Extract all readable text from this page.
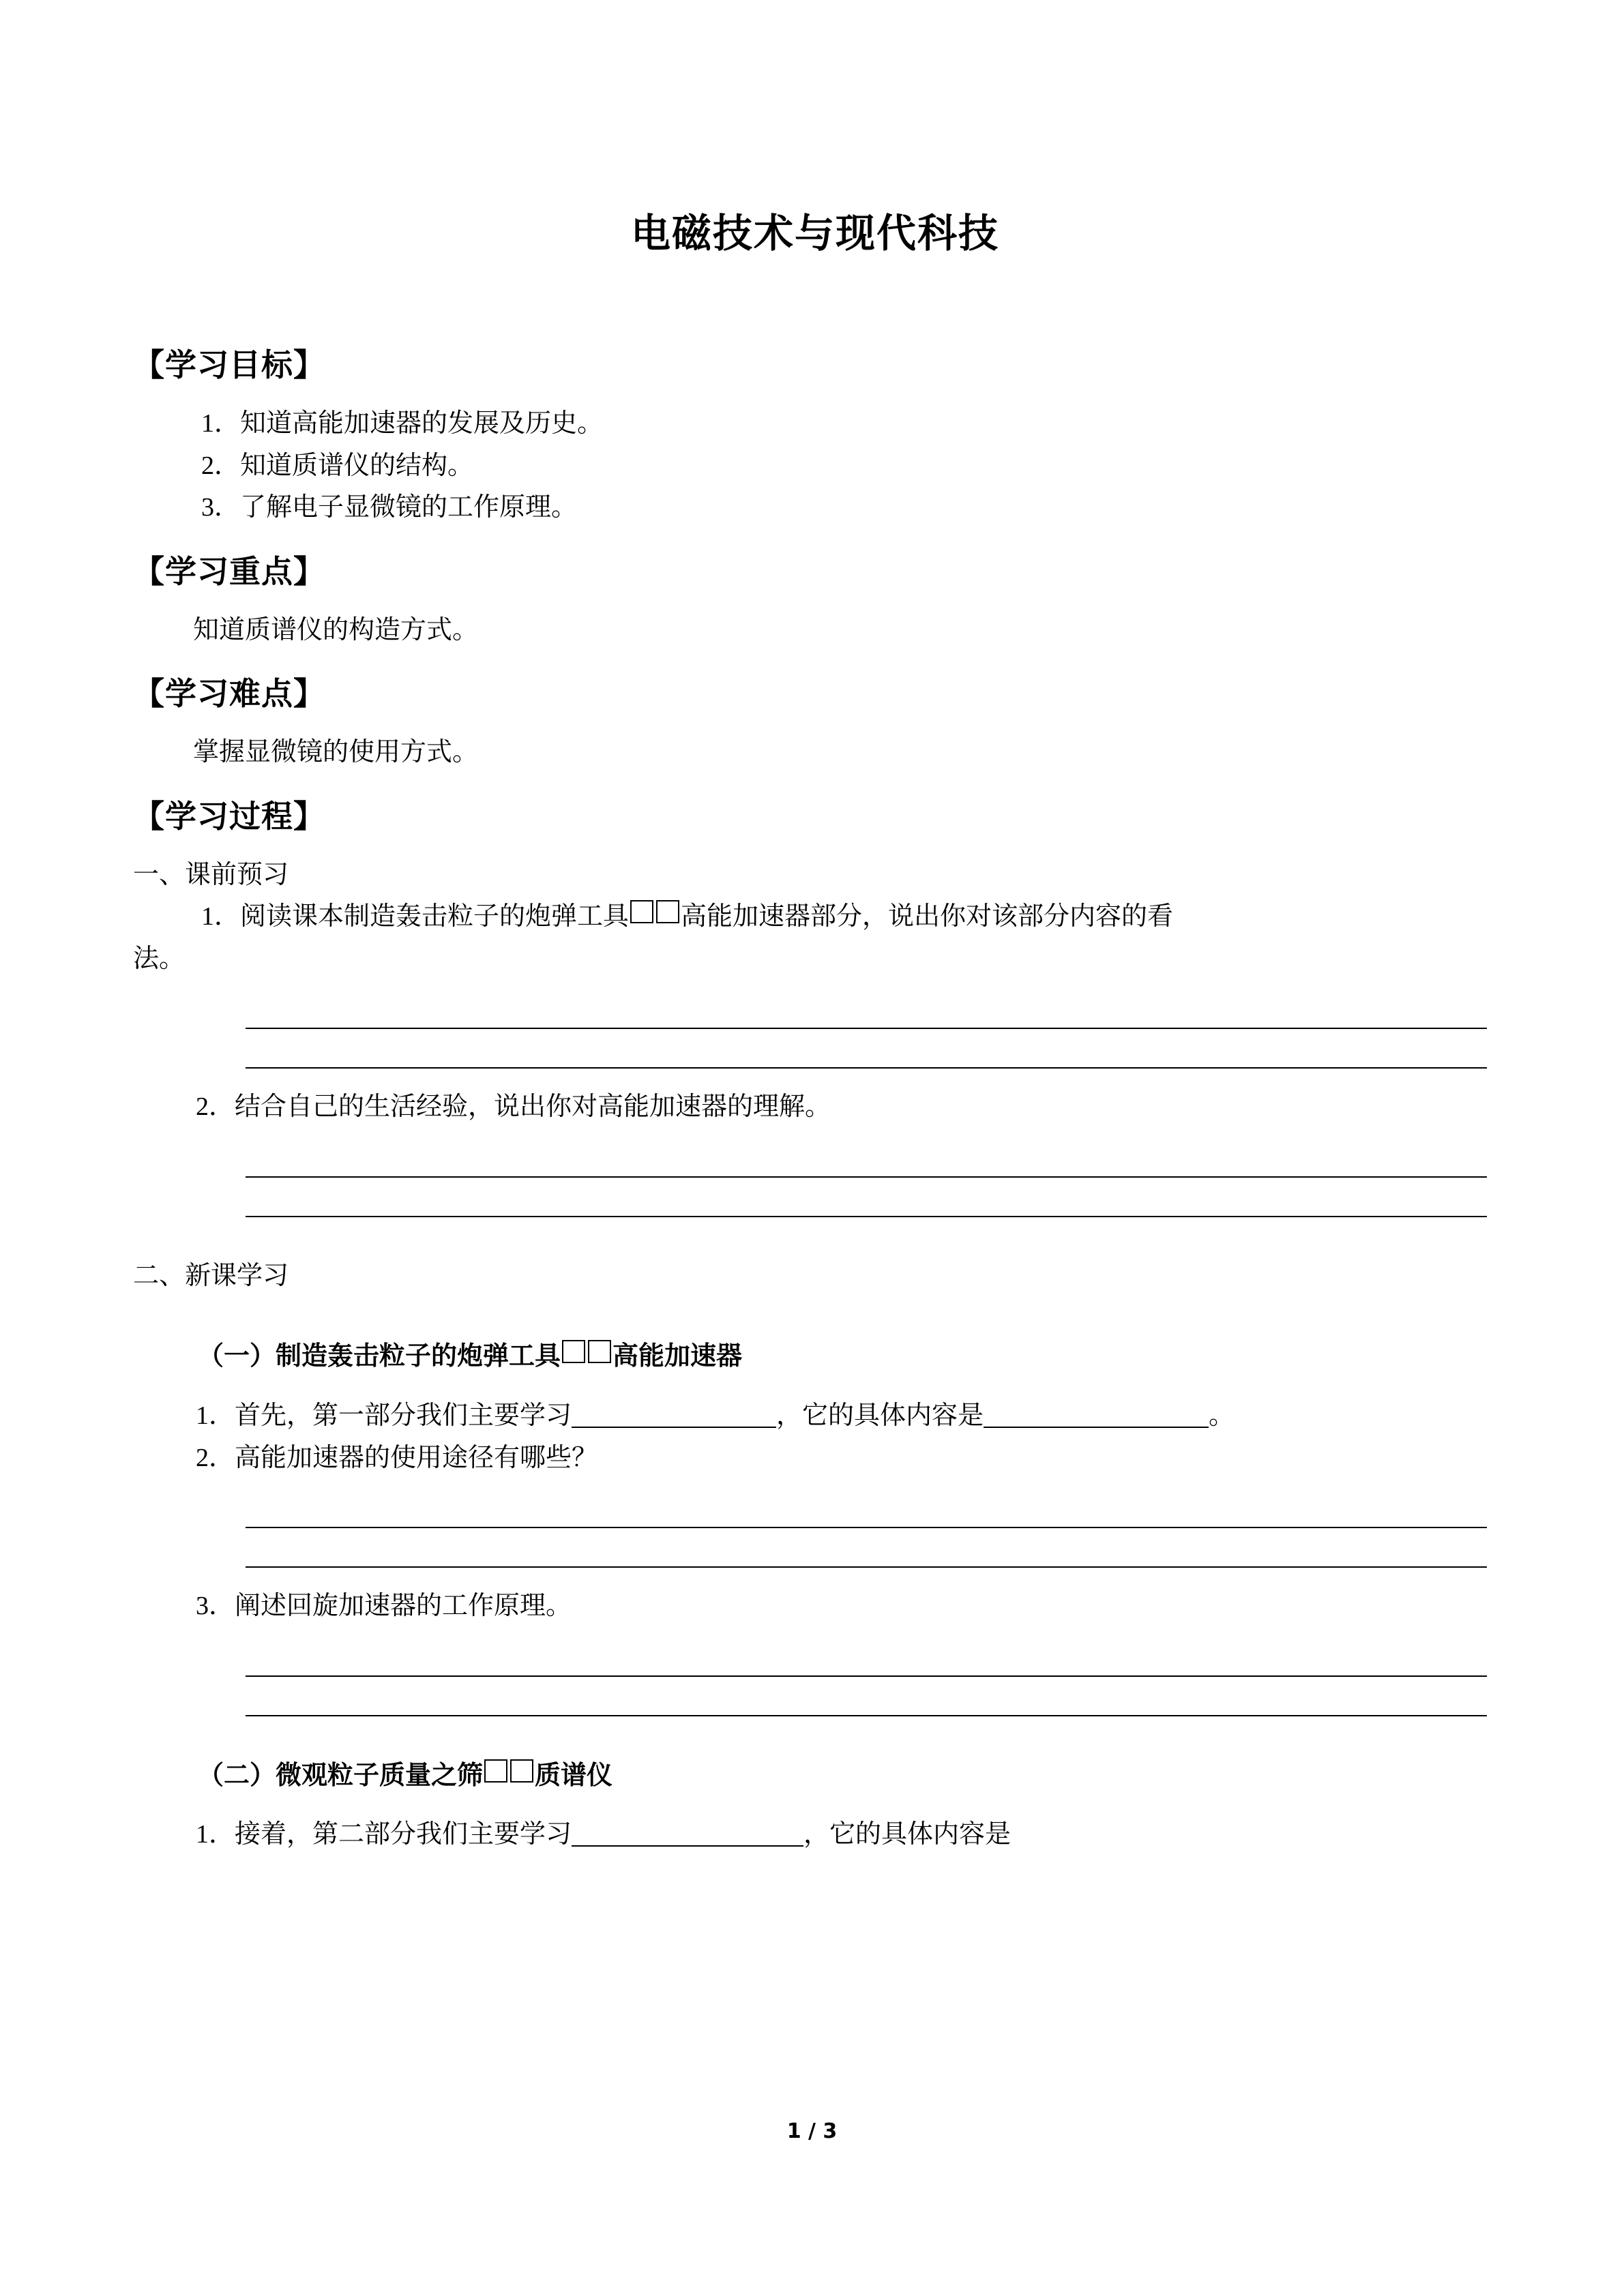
电磁技术与现代科技
【学习目标】
1．知道高能加速器的发展及历史。
2．知道质谱仪的结构。
3．了解电子显微镜的工作原理。
【学习重点】
知道质谱仪的构造方式。
【学习难点】
掌握显微镜的使用方式。
【学习过程】
一、课前预习
1．阅读课本制造轰击粒子的炮弹工具 高能加速器部分，说出你对该部分内容的看
法。
2．结合自己的生活经验，说出你对高能加速器的理解。
二、新课学习
（一）制造轰击粒子的炮弹工具 高能加速器
1．首先，第一部分我们主要学习	，它的具体内容是	。
2．高能加速器的使用途径有哪些？
3．阐述回旋加速器的工作原理。
（二）微观粒子质量之筛 质谱仪
1．接着，第二部分我们主要学习	，它的具体内容是
1 / 3
